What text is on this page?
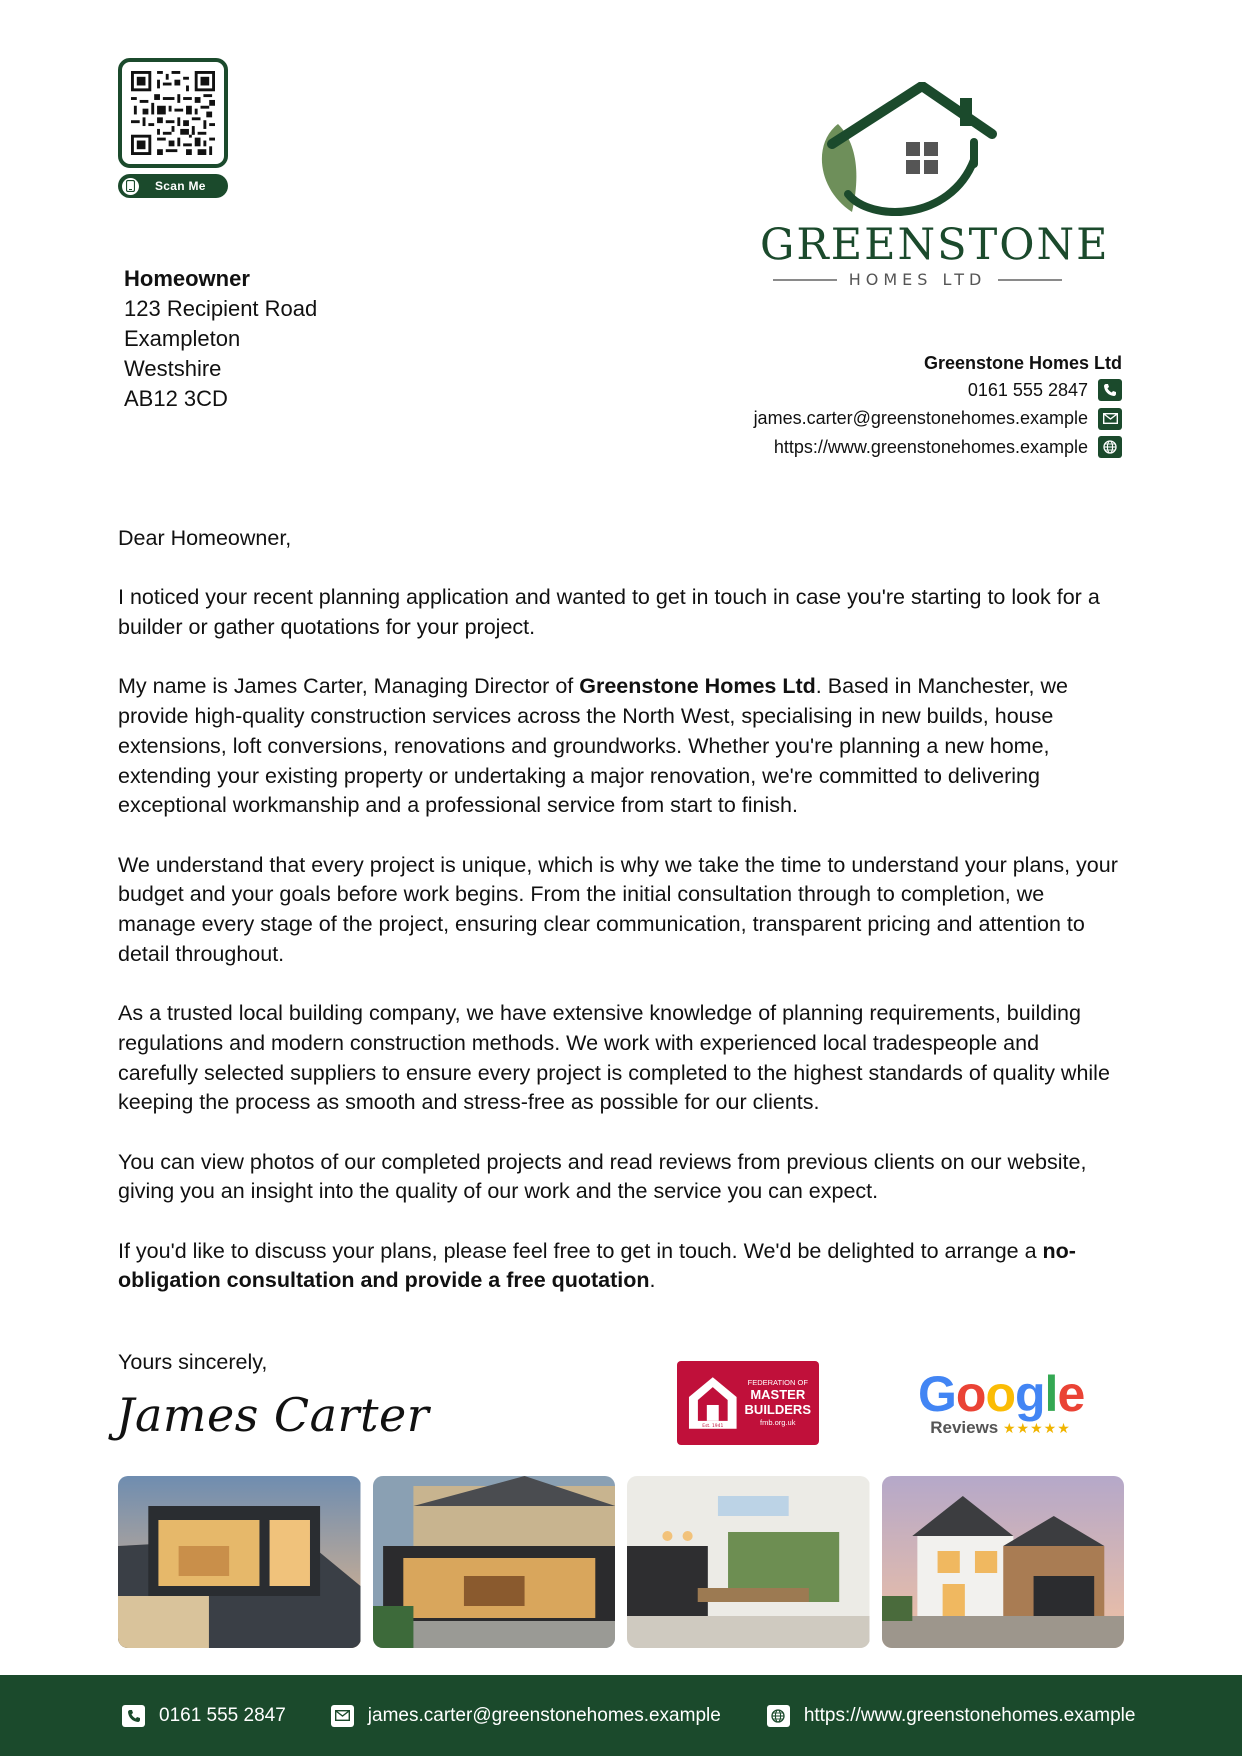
Scan Me
GREENSTONE
HOMES LTD
Homeowner
123 Recipient Road
Exampleton
Westshire
AB12 3CD
Greenstone Homes Ltd
0161 555 2847
james.carter@greenstonehomes.example
https://www.greenstonehomes.example

Dear Homeowner,

I noticed your recent planning application and wanted to get in touch in case you're starting to look for a builder or gather quotations for your project.

My name is James Carter, Managing Director of Greenstone Homes Ltd. Based in Manchester, we provide high-quality construction services across the North West, specialising in new builds, house extensions, loft conversions, renovations and groundworks. Whether you're planning a new home, extending your existing property or undertaking a major renovation, we're committed to delivering exceptional workmanship and a professional service from start to finish.

We understand that every project is unique, which is why we take the time to understand your plans, your budget and your goals before work begins. From the initial consultation through to completion, we manage every stage of the project, ensuring clear communication, transparent pricing and attention to detail throughout.

As a trusted local building company, we have extensive knowledge of planning requirements, building regulations and modern construction methods. We work with experienced local tradespeople and carefully selected suppliers to ensure every project is completed to the highest standards of quality while keeping the process as smooth and stress-free as possible for our clients.

You can view photos of our completed projects and read reviews from previous clients on our website, giving you an insight into the quality of our work and the service you can expect.

If you'd like to discuss your plans, please feel free to get in touch. We'd be delighted to arrange a no-obligation consultation and provide a free quotation.

Yours sincerely,
James Carter	Est. 1941
FEDERATION OF
MASTER
BUILDERS
fmb.org.uk
Google
Reviews ★★★★★
0161 555 2847	james.carter@greenstonehomes.example	https://www.greenstonehomes.example
